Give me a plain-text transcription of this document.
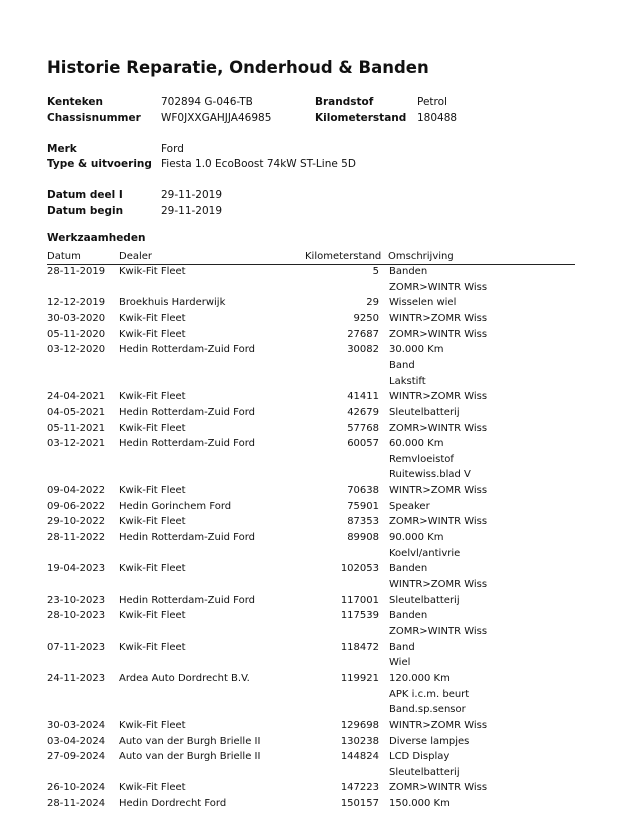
Historie Reparatie, Onderhoud & Banden
Kenteken	702894 G-046-TB	Brandstof	Petrol
Chassisnummer WF0JXXGAHJJA46985	Kilometerstand 180488
Merk	Ford
Type & uitvoering Fiesta 1.0 EcoBoost 74kW ST-Line 5D
Datum deel I	29-11-2019
Datum begin	29-11-2019
Werkzaamheden
Datum	Dealer	Kilometerstand Omschrijving
28-11-2019 Kwik-Fit Fleet	5 Banden
ZOMR>WINTR Wiss
12-12-2019 Broekhuis Harderwijk	29 Wisselen wiel
30-03-2020 Kwik-Fit Fleet	9250 WINTR>ZOMR Wiss
05-11-2020 Kwik-Fit Fleet	27687 ZOMR>WINTR Wiss
03-12-2020 Hedin Rotterdam-Zuid Ford	30082 30.000 Km
Band
Lakstift
24-04-2021 Kwik-Fit Fleet	41411 WINTR>ZOMR Wiss
04-05-2021 Hedin Rotterdam-Zuid Ford	42679 Sleutelbatterij
05-11-2021 Kwik-Fit Fleet	57768 ZOMR>WINTR Wiss
03-12-2021 Hedin Rotterdam-Zuid Ford	60057 60.000 Km
Remvloeistof
Ruitewiss.blad V
09-04-2022 Kwik-Fit Fleet	70638 WINTR>ZOMR Wiss
09-06-2022 Hedin Gorinchem Ford	75901 Speaker
29-10-2022 Kwik-Fit Fleet	87353 ZOMR>WINTR Wiss
28-11-2022 Hedin Rotterdam-Zuid Ford	89908 90.000 Km
Koelvl/antivrie
19-04-2023 Kwik-Fit Fleet	102053 Banden
WINTR>ZOMR Wiss
23-10-2023 Hedin Rotterdam-Zuid Ford	117001 Sleutelbatterij
28-10-2023 Kwik-Fit Fleet	117539 Banden
ZOMR>WINTR Wiss
07-11-2023 Kwik-Fit Fleet	118472 Band
Wiel
24-11-2023 Ardea Auto Dordrecht B.V.	119921 120.000 Km
APK i.c.m. beurt
Band.sp.sensor
30-03-2024 Kwik-Fit Fleet	129698 WINTR>ZOMR Wiss
03-04-2024 Auto van der Burgh Brielle II	130238 Diverse lampjes
27-09-2024 Auto van der Burgh Brielle II	144824 LCD Display
Sleutelbatterij
26-10-2024 Kwik-Fit Fleet	147223 ZOMR>WINTR Wiss
28-11-2024 Hedin Dordrecht Ford	150157 150.000 Km
